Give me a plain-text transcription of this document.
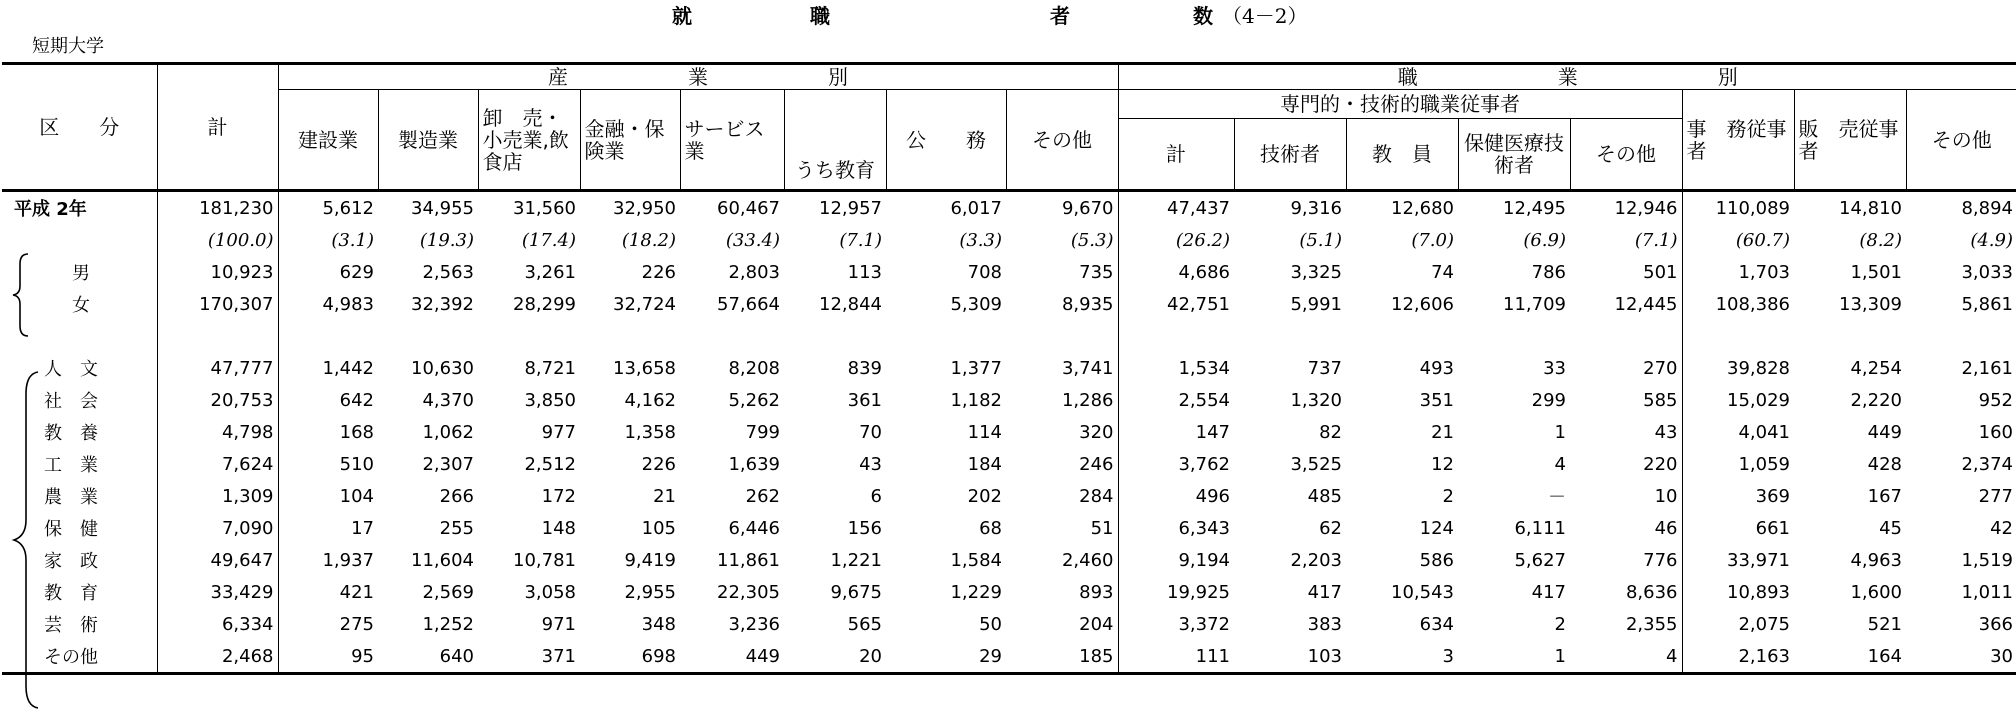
就	職	者	数 （4－2）
短期大学
区　　分	計	産　　　　　　業　　　　　　別								職　　　　　　　業　　　　　　　別							
		建設業	製造業	卸　売・小売業,飲食店	金融・保険業	サービス業	うち教育	公　　務	その他	専門的・技術的職業従事者					事　務従事者	販　売従事者	その他
										計	技術者	教　員	保健医療技術者	その他			

平成 2年	181,230	5,612	34,955	31,560	32,950	60,467	12,957	6,017	9,670	47,437	9,316	12,680	12,495	12,946	110,089	14,810	8,894
	(100.0)	(3.1)	(19.3)	(17.4)	(18.2)	(33.4)	(7.1)	(3.3)	(5.3)	(26.2)	(5.1)	(7.0)	(6.9)	(7.1)	(60.7)	(8.2)	(4.9)
男	10,923	629	2,563	3,261	226	2,803	113	708	735	4,686	3,325	74	786	501	1,703	1,501	3,033
女	170,307	4,983	32,392	28,299	32,724	57,664	12,844	5,309	8,935	42,751	5,991	12,606	11,709	12,445	108,386	13,309	5,861

人　文	47,777	1,442	10,630	8,721	13,658	8,208	839	1,377	3,741	1,534	737	493	33	270	39,828	4,254	2,161
社　会	20,753	642	4,370	3,850	4,162	5,262	361	1,182	1,286	2,554	1,320	351	299	585	15,029	2,220	952
教　養	4,798	168	1,062	977	1,358	799	70	114	320	147	82	21	1	43	4,041	449	160
工　業	7,624	510	2,307	2,512	226	1,639	43	184	246	3,762	3,525	12	4	220	1,059	428	2,374
農　業	1,309	104	266	172	21	262	6	202	284	496	485	2	－	10	369	167	277
保　健	7,090	17	255	148	105	6,446	156	68	51	6,343	62	124	6,111	46	661	45	42
家　政	49,647	1,937	11,604	10,781	9,419	11,861	1,221	1,584	2,460	9,194	2,203	586	5,627	776	33,971	4,963	1,519
教　育	33,429	421	2,569	3,058	2,955	22,305	9,675	1,229	893	19,925	417	10,543	417	8,636	10,893	1,600	1,011
芸　術	6,334	275	1,252	971	348	3,236	565	50	204	3,372	383	634	2	2,355	2,075	521	366
その他	2,468	95	640	371	698	449	20	29	185	111	103	3	1	4	2,163	164	30
